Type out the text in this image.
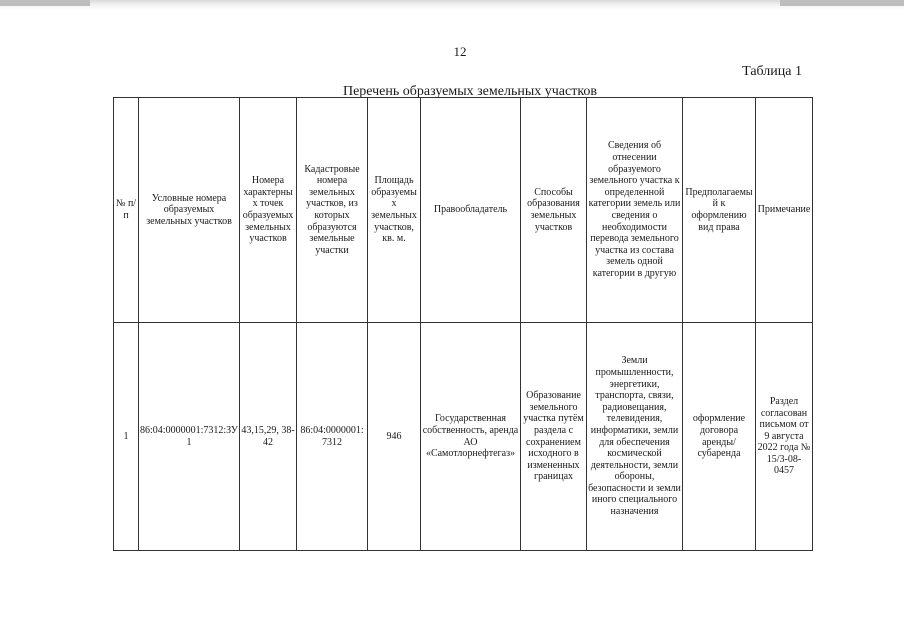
12
Таблица 1
Перечень образуемых земельных участков
№ п/п	Условные номера образуемых земельных участков	Номера характерных точек образуемых земельных участков	Кадастровые номера земельных участков, из которых образуются земельные участки	Площадь образуемых земельных участков, кв. м.	Правообладатель	Способы образования земельных участков	Сведения об отнесении образуемого земельного участка к определенной категории земель или сведения о необходимости перевода земельного участка из состава земель одной категории в другую	Предполагаемый к оформлению вид права	Примечание
1	86:04:0000001:7312:ЗУ1	43,15,29, 38-42	86:04:0000001:7312	946	Государственная собственность, аренда АО «Самотлорнефтегаз»	Образование земельного участка путём раздела с сохранением исходного в измененных границах	Земли промышленности, энергетики, транспорта, связи, радиовещания, телевидения, информатики, земли для обеспечения космической деятельности, земли обороны, безопасности и земли иного специального назначения	оформление договора аренды/субаренда	Раздел согласован письмом от 9 августа 2022 года № 15/3-08-0457
